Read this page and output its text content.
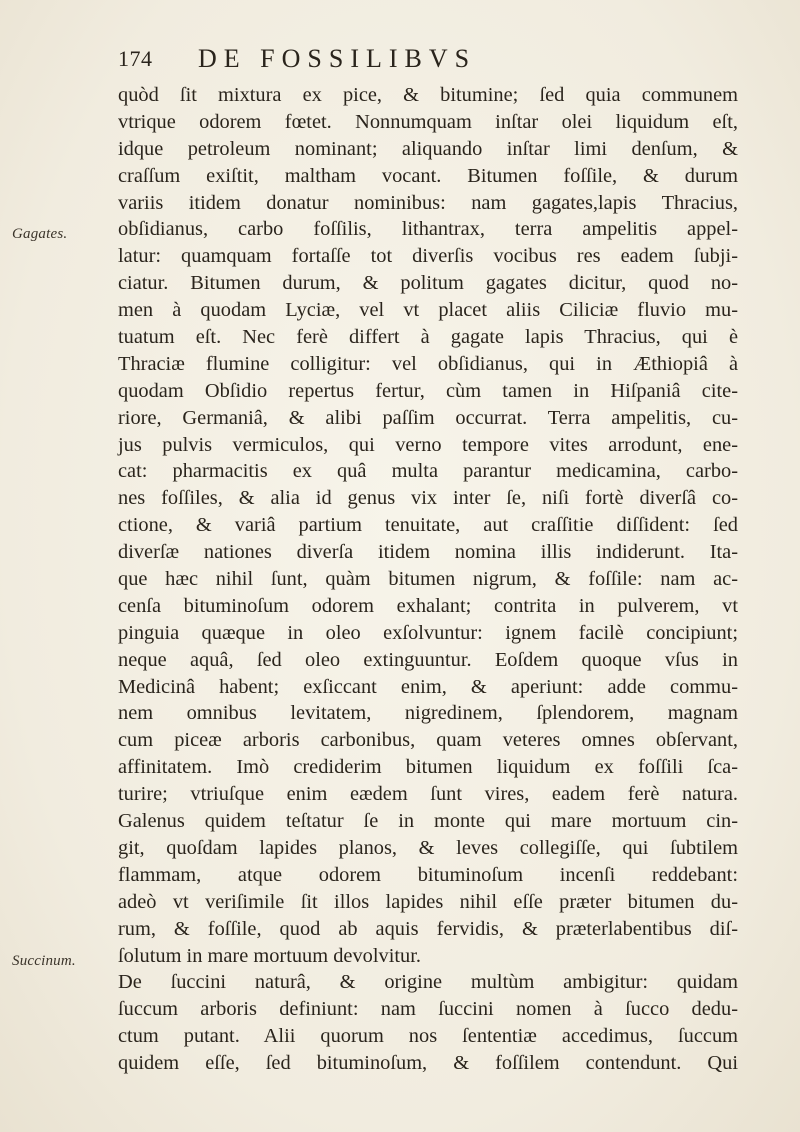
174 DE FOSSILIBVS
Gagates.
Succinum.
quòd ſit mixtura ex pice, & bitumine; ſed quia communem
vtrique odorem fœtet. Nonnumquam inſtar olei liquidum eſt,
idque petroleum nominant; aliquando inſtar limi denſum, &
craſſum exiſtit, maltham vocant. Bitumen foſſile, & durum
variis itidem donatur nominibus: nam gagates,lapis Thracius,
obſidianus, carbo foſſilis, lithantrax, terra ampelitis appel-
latur: quamquam fortaſſe tot diverſis vocibus res eadem ſubji-
ciatur. Bitumen durum, & politum gagates dicitur, quod no-
men à quodam Lyciæ, vel vt placet aliis Ciliciæ fluvio mu-
tuatum eſt. Nec ferè differt à gagate lapis Thracius, qui è
Thraciæ flumine colligitur: vel obſidianus, qui in Æthiopiâ à
quodam Obſidio repertus fertur, cùm tamen in Hiſpaniâ cite-
riore, Germaniâ, & alibi paſſim occurrat. Terra ampelitis, cu-
jus pulvis vermiculos, qui verno tempore vites arrodunt, ene-
cat: pharmacitis ex quâ multa parantur medicamina, carbo-
nes foſſiles, & alia id genus vix inter ſe, niſi fortè diverſâ co-
ctione, & variâ partium tenuitate, aut craſſitie diſſident: ſed
diverſæ nationes diverſa itidem nomina illis indiderunt. Ita-
que hæc nihil ſunt, quàm bitumen nigrum, & foſſile: nam ac-
cenſa bituminoſum odorem exhalant; contrita in pulverem, vt
pinguia quæque in oleo exſolvuntur: ignem facilè concipiunt;
neque aquâ, ſed oleo extinguuntur. Eoſdem quoque vſus in
Medicinâ habent; exſiccant enim, & aperiunt: adde commu-
nem omnibus levitatem, nigredinem, ſplendorem, magnam
cum piceæ arboris carbonibus, quam veteres omnes obſervant,
affinitatem. Imò crediderim bitumen liquidum ex foſſili ſca-
turire; vtriuſque enim eædem ſunt vires, eadem ferè natura.
Galenus quidem teſtatur ſe in monte qui mare mortuum cin-
git, quoſdam lapides planos, & leves collegiſſe, qui ſubtilem
flammam, atque odorem bituminoſum incenſi reddebant:
adeò vt veriſimile ſit illos lapides nihil eſſe præter bitumen du-
rum, & foſſile, quod ab aquis fervidis, & præterlabentibus diſ-
ſolutum in mare mortuum devolvitur.
De ſuccini naturâ, & origine multùm ambigitur: quidam
ſuccum arboris definiunt: nam ſuccini nomen à ſucco dedu-
ctum putant. Alii quorum nos ſententiæ accedimus, ſuccum
quidem eſſe, ſed bituminoſum, & foſſilem contendunt. Qui
